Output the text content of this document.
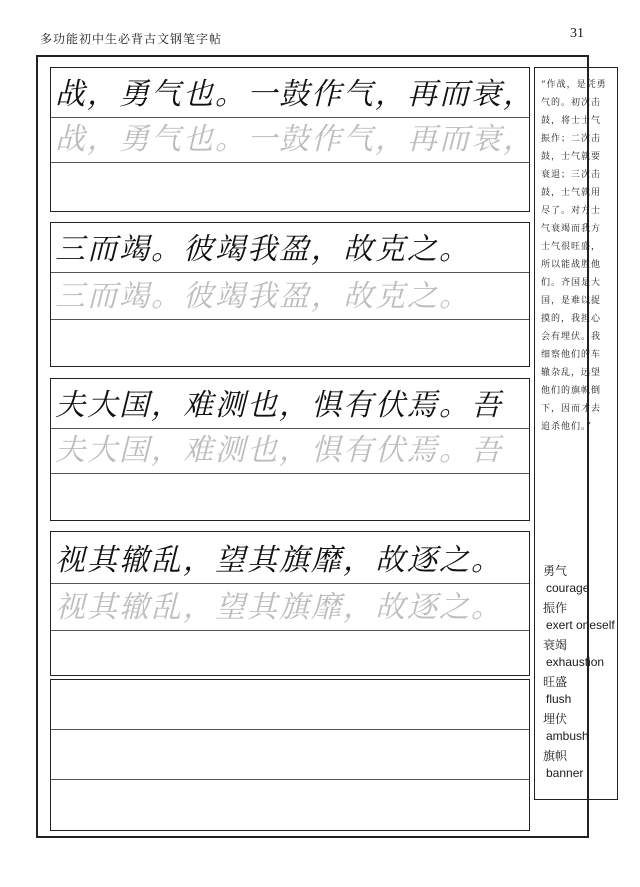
多功能初中生必背古文钢笔字帖	31
战，勇气也。一鼓作气，再而衰，
战，勇气也。一鼓作气，再而衰，
三而竭。彼竭我盈，故克之。
三而竭。彼竭我盈，故克之。
夫大国，难测也，惧有伏焉。吾
夫大国，难测也，惧有伏焉。吾
视其辙乱，望其旗靡，故逐之。
视其辙乱，望其旗靡，故逐之。
“作战，是凭勇气的。初次击鼓，将士士气振作；二次击鼓，士气就要衰退；三次击鼓，士气就用尽了。对方士气衰竭而我方士气很旺盛，所以能战胜他们。齐国是大国，是难以捉摸的，我担心会有埋伏。我细察他们的车辙杂乱，远望他们的旗帜倒下，因而才去追杀他们。”
勇气
courage
振作
exert oneself
衰竭
exhaustion
旺盛
flush
埋伏
ambush
旗帜
banner
